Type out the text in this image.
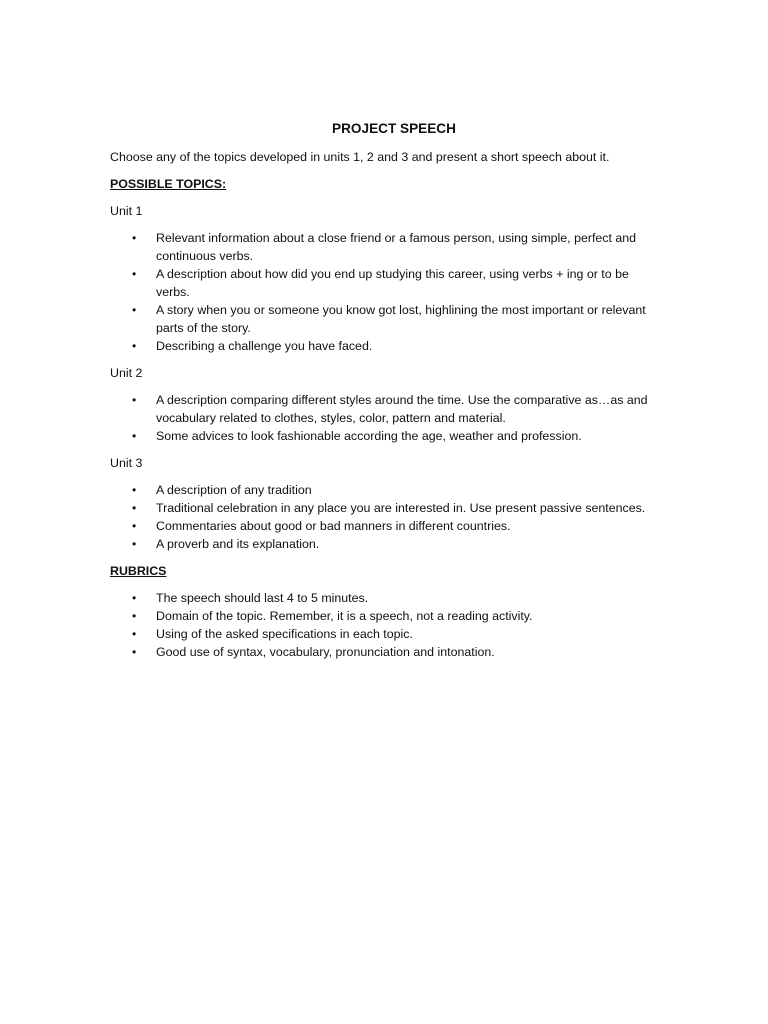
PROJECT SPEECH
Choose any of the topics developed in units 1, 2 and 3 and present a short speech about it.
POSSIBLE TOPICS:
Unit 1
• Relevant information about a close friend or a famous person, using simple, perfect and continuous verbs.
• A description about how did you end up studying this career, using verbs + ing or to be verbs.
• A story when you or someone you know got lost, highlining the most important or relevant parts of the story.
• Describing a challenge you have faced.
Unit 2
• A description comparing different styles around the time. Use the comparative as…as and vocabulary related to clothes, styles, color, pattern and material.
• Some advices to look fashionable according the age, weather and profession.
Unit 3
• A description of any tradition
• Traditional celebration in any place you are interested in. Use present passive sentences.
• Commentaries about good or bad manners in different countries.
• A proverb and its explanation.
RUBRICS
• The speech should last 4 to 5 minutes.
• Domain of the topic. Remember, it is a speech, not a reading activity.
• Using of the asked specifications in each topic.
• Good use of syntax, vocabulary, pronunciation and intonation.
